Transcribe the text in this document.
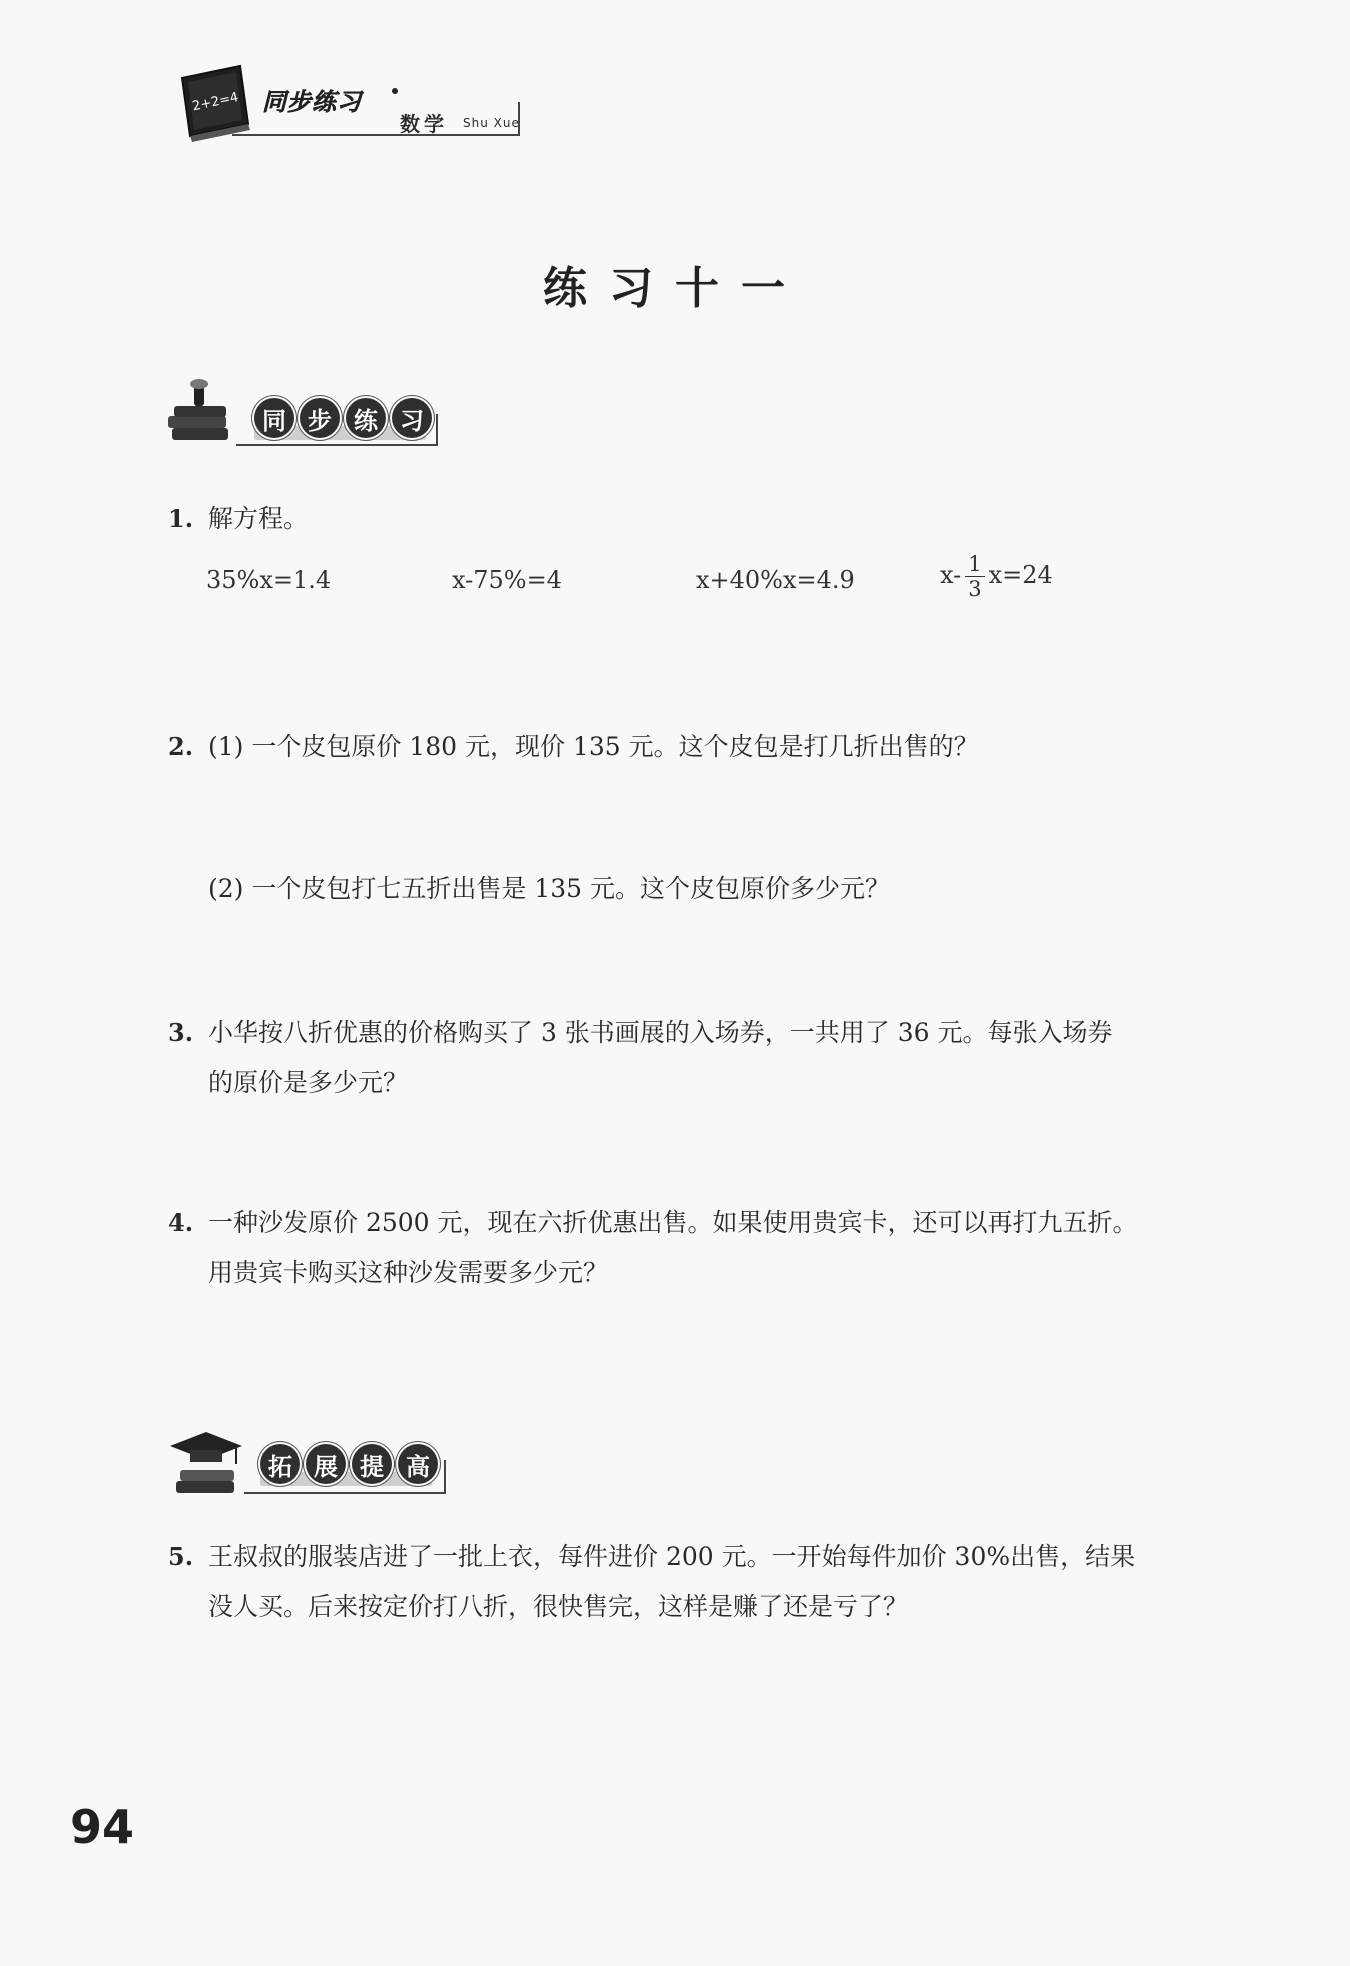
2+2=4 同步练习
数学 Shu Xue
练习十一
同 步 练 习
1. 解方程。
35%x=1.4	x-75%=4	x+40%x=4.9	$x- \frac{1}{3} x=24$
2. (1) 一个皮包原价 180 元，现价 135 元。这个皮包是打几折出售的？
(2) 一个皮包打七五折出售是 135 元。这个皮包原价多少元？
3. 小华按八折优惠的价格购买了 3 张书画展的入场券，一共用了 36 元。每张入场券
的原价是多少元？
4. 一种沙发原价 2500 元，现在六折优惠出售。如果使用贵宾卡，还可以再打九五折。
用贵宾卡购买这种沙发需要多少元？
拓 展 提 高
5. 王叔叔的服装店进了一批上衣，每件进价 200 元。一开始每件加价 30%出售，结果
没人买。后来按定价打八折，很快售完，这样是赚了还是亏了？
94
